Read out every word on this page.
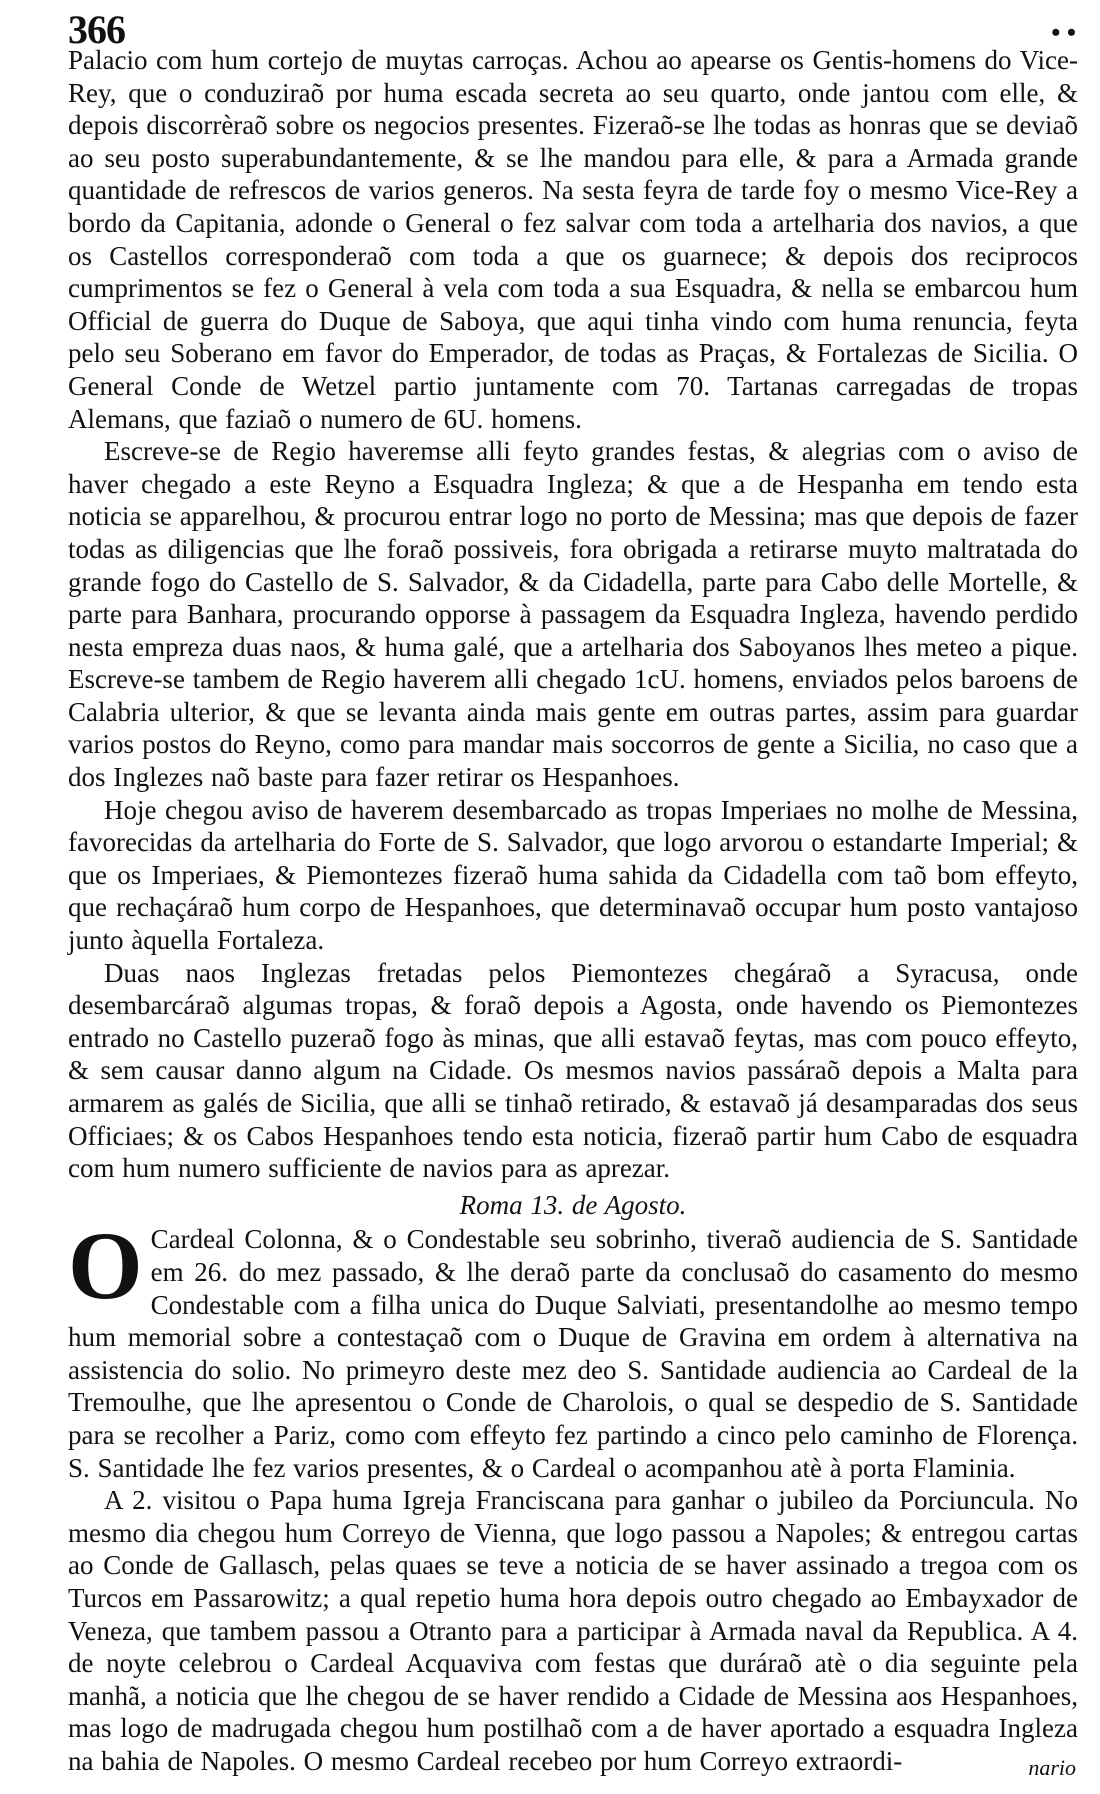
366	• •

Palacio com hum cortejo de muytas carroças. Achou ao apearse os Gentis-homens do Vice-Rey, que o conduziraõ por huma escada secreta ao seu quarto, onde jantou com elle, & depois discorrèraõ sobre os negocios presentes. Fizeraõ-se lhe todas as honras que se deviaõ ao seu posto superabundantemente, & se lhe mandou para elle, & para a Armada grande quantidade de refrescos de varios generos. Na sesta feyra de tarde foy o mesmo Vice-Rey a bordo da Capitania, adonde o General o fez salvar com toda a artelharia dos navios, a que os Castellos corresponderaõ com toda a que os guarnece; & depois dos reciprocos cumprimentos se fez o General à vela com toda a sua Esquadra, & nella se embarcou hum Official de guerra do Duque de Saboya, que aqui tinha vindo com huma renuncia, feyta pelo seu Soberano em favor do Emperador, de todas as Praças, & Fortalezas de Sicilia. O General Conde de Wetzel partio juntamente com 70. Tartanas carregadas de tropas Alemans, que faziaõ o numero de 6U. homens.

Escreve-se de Regio haveremse alli feyto grandes festas, & alegrias com o aviso de haver chegado a este Reyno a Esquadra Ingleza; & que a de Hespanha em tendo esta noticia se apparelhou, & procurou entrar logo no porto de Messina; mas que depois de fazer todas as diligencias que lhe foraõ possiveis, fora obrigada a retirarse muyto maltratada do grande fogo do Castello de S. Salvador, & da Cidadella, parte para Cabo delle Mortelle, & parte para Banhara, procurando opporse à passagem da Esquadra Ingleza, havendo perdido nesta empreza duas naos, & huma galé, que a artelharia dos Saboyanos lhes meteo a pique. Escreve-se tambem de Regio haverem alli chegado 1cU. homens, enviados pelos baroens de Calabria ulterior, & que se levanta ainda mais gente em outras partes, assim para guardar varios postos do Reyno, como para mandar mais soccorros de gente a Sicilia, no caso que a dos Inglezes naõ baste para fazer retirar os Hespanhoes.

Hoje chegou aviso de haverem desembarcado as tropas Imperiaes no molhe de Messina, favorecidas da artelharia do Forte de S. Salvador, que logo arvorou o estandarte Imperial; & que os Imperiaes, & Piemontezes fizeraõ huma sahida da Cidadella com taõ bom effeyto, que rechaçáraõ hum corpo de Hespanhoes, que determinavaõ occupar hum posto vantajoso junto àquella Fortaleza.

Duas naos Inglezas fretadas pelos Piemontezes chegáraõ a Syracusa, onde desembarcáraõ algumas tropas, & foraõ depois a Agosta, onde havendo os Piemontezes entrado no Castello puzeraõ fogo às minas, que alli estavaõ feytas, mas com pouco effeyto, & sem causar danno algum na Cidade. Os mesmos navios passáraõ depois a Malta para armarem as galés de Sicilia, que alli se tinhaõ retirado, & estavaõ já desamparadas dos seus Officiaes; & os Cabos Hespanhoes tendo esta noticia, fizeraõ partir hum Cabo de esquadra com hum numero sufficiente de navios para as aprezar.

Roma 13. de Agosto.

O Cardeal Colonna, & o Condestable seu sobrinho, tiveraõ audiencia de S. Santidade em 26. do mez passado, & lhe deraõ parte da conclusaõ do casamento do mesmo Condestable com a filha unica do Duque Salviati, presentandolhe ao mesmo tempo hum memorial sobre a contestaçaõ com o Duque de Gravina em ordem à alternativa na assistencia do solio. No primeyro deste mez deo S. Santidade audiencia ao Cardeal de la Tremoulhe, que lhe apresentou o Conde de Charolois, o qual se despedio de S. Santidade para se recolher a Pariz, como com effeyto fez partindo a cinco pelo caminho de Florença. S. Santidade lhe fez varios presentes, & o Cardeal o acompanhou atè à porta Flaminia.

A 2. visitou o Papa huma Igreja Franciscana para ganhar o jubileo da Porciuncula. No mesmo dia chegou hum Correyo de Vienna, que logo passou a Napoles; & entregou cartas ao Conde de Gallasch, pelas quaes se teve a noticia de se haver assinado a tregoa com os Turcos em Passarowitz; a qual repetio huma hora depois outro chegado ao Embayxador de Veneza, que tambem passou a Otranto para a participar à Armada naval da Republica. A 4. de noyte celebrou o Cardeal Acquaviva com festas que duráraõ atè o dia seguinte pela manhã, a noticia que lhe chegou de se haver rendido a Cidade de Messina aos Hespanhoes, mas logo de madrugada chegou hum postilhaõ com a de haver aportado a esquadra Ingleza na bahia de Napoles. O mesmo Cardeal recebeo por hum Correyo extraordi-	nario
